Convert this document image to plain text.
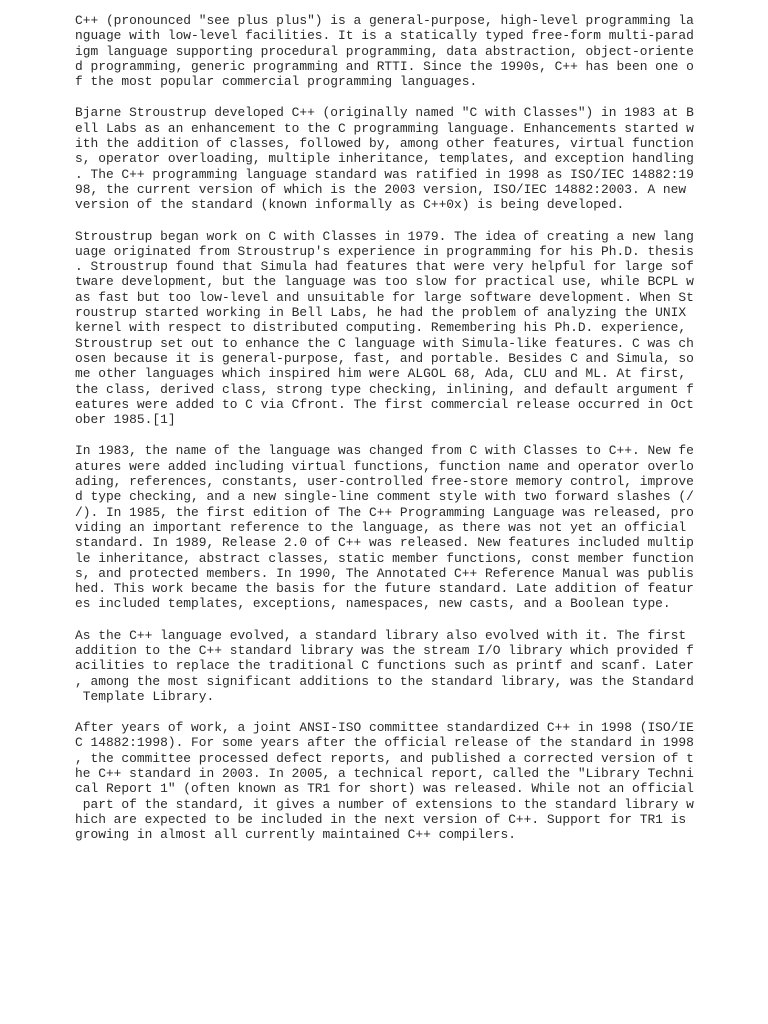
C++ (pronounced "see plus plus") is a general-purpose, high-level programming la
nguage with low-level facilities. It is a statically typed free-form multi-parad
igm language supporting procedural programming, data abstraction, object-oriente
d programming, generic programming and RTTI. Since the 1990s, C++ has been one o
f the most popular commercial programming languages.
Bjarne Stroustrup developed C++ (originally named "C with Classes") in 1983 at B
ell Labs as an enhancement to the C programming language. Enhancements started w
ith the addition of classes, followed by, among other features, virtual function
s, operator overloading, multiple inheritance, templates, and exception handling
. The C++ programming language standard was ratified in 1998 as ISO/IEC 14882:19
98, the current version of which is the 2003 version, ISO/IEC 14882:2003. A new
version of the standard (known informally as C++0x) is being developed.
Stroustrup began work on C with Classes in 1979. The idea of creating a new lang
uage originated from Stroustrup's experience in programming for his Ph.D. thesis
. Stroustrup found that Simula had features that were very helpful for large sof
tware development, but the language was too slow for practical use, while BCPL w
as fast but too low-level and unsuitable for large software development. When St
roustrup started working in Bell Labs, he had the problem of analyzing the UNIX
kernel with respect to distributed computing. Remembering his Ph.D. experience,
Stroustrup set out to enhance the C language with Simula-like features. C was ch
osen because it is general-purpose, fast, and portable. Besides C and Simula, so
me other languages which inspired him were ALGOL 68, Ada, CLU and ML. At first,
the class, derived class, strong type checking, inlining, and default argument f
eatures were added to C via Cfront. The first commercial release occurred in Oct
ober 1985.[1]
In 1983, the name of the language was changed from C with Classes to C++. New fe
atures were added including virtual functions, function name and operator overlo
ading, references, constants, user-controlled free-store memory control, improve
d type checking, and a new single-line comment style with two forward slashes (/
/). In 1985, the first edition of The C++ Programming Language was released, pro
viding an important reference to the language, as there was not yet an official
standard. In 1989, Release 2.0 of C++ was released. New features included multip
le inheritance, abstract classes, static member functions, const member function
s, and protected members. In 1990, The Annotated C++ Reference Manual was publis
hed. This work became the basis for the future standard. Late addition of featur
es included templates, exceptions, namespaces, new casts, and a Boolean type.
As the C++ language evolved, a standard library also evolved with it. The first
addition to the C++ standard library was the stream I/O library which provided f
acilities to replace the traditional C functions such as printf and scanf. Later
, among the most significant additions to the standard library, was the Standard
Template Library.
After years of work, a joint ANSI-ISO committee standardized C++ in 1998 (ISO/IE
C 14882:1998). For some years after the official release of the standard in 1998
, the committee processed defect reports, and published a corrected version of t
he C++ standard in 2003. In 2005, a technical report, called the "Library Techni
cal Report 1" (often known as TR1 for short) was released. While not an official
part of the standard, it gives a number of extensions to the standard library w
hich are expected to be included in the next version of C++. Support for TR1 is
growing in almost all currently maintained C++ compilers.
